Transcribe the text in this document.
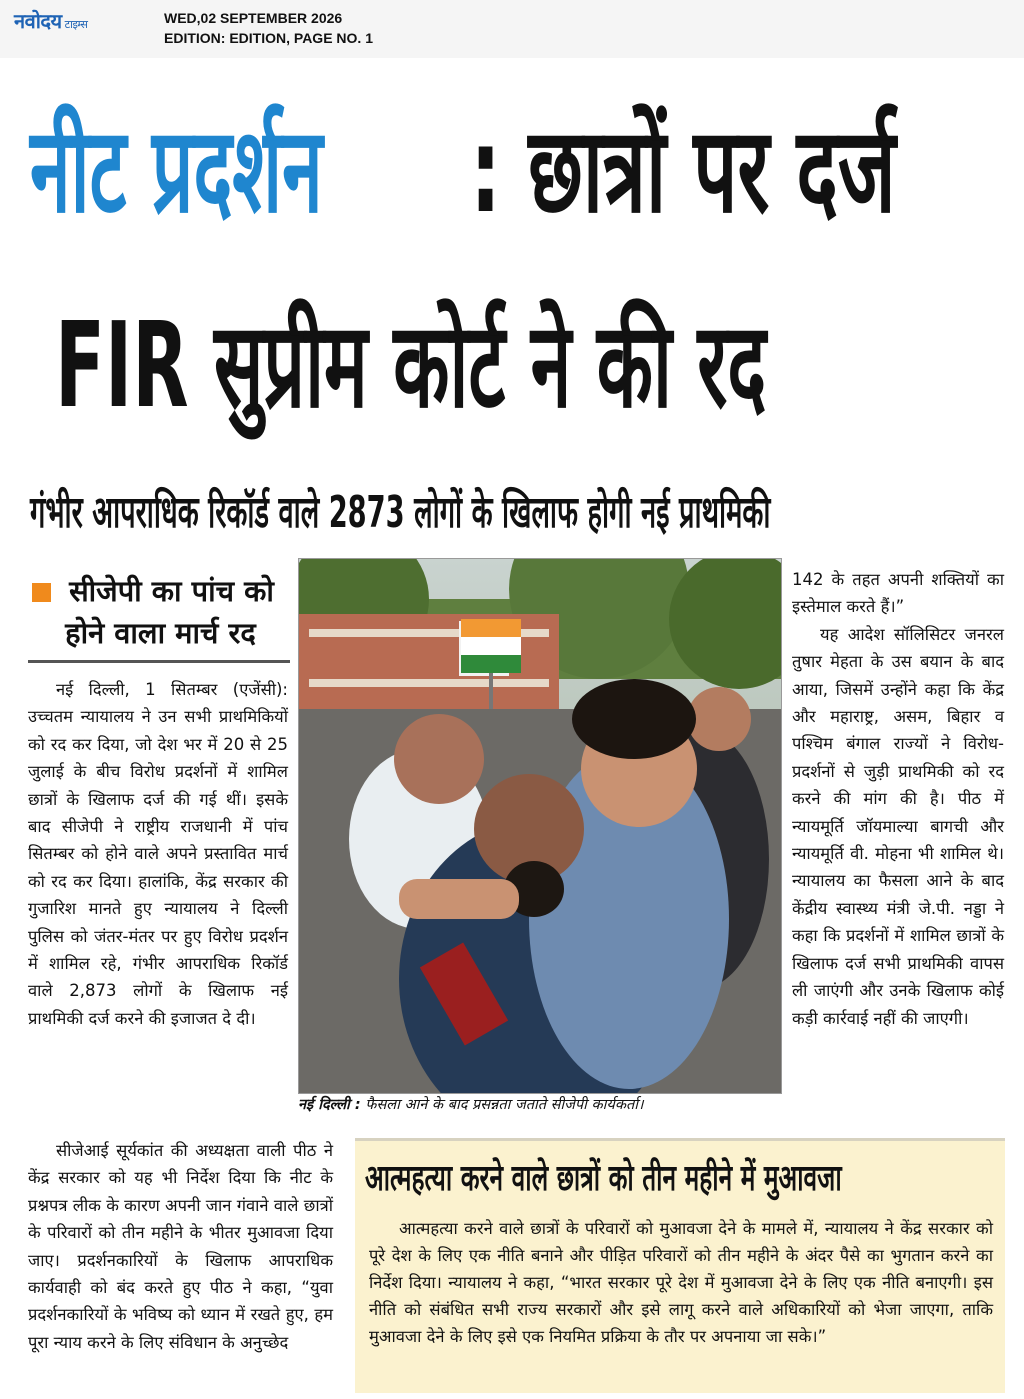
नवोदय टाइम्स	WED,02 SEPTEMBER 2026
EDITION: EDITION, PAGE NO. 1
नीट प्रदर्शन : छात्रों पर दर्ज
FIR सुप्रीम कोर्ट ने की रद
गंभीर आपराधिक रिकॉर्ड वाले 2873 लोगों के खिलाफ होगी नई प्राथमिकी
सीजेपी का पांच को
होने वाला मार्च रद

नई दिल्ली, 1 सितम्बर (एजेंसी): उच्चतम न्यायालय ने उन सभी प्राथमिकियों को रद कर दिया, जो देश भर में 20 से 25 जुलाई के बीच विरोध प्रदर्शनों में शामिल छात्रों के खिलाफ दर्ज की गई थीं। इसके बाद सीजेपी ने राष्ट्रीय राजधानी में पांच सितम्बर को होने वाले अपने प्रस्तावित मार्च को रद कर दिया। हालांकि, केंद्र सरकार की गुजारिश मानते हुए न्यायालय ने दिल्ली पुलिस को जंतर-मंतर पर हुए विरोध प्रदर्शन में शामिल रहे, गंभीर आपराधिक रिकॉर्ड वाले 2,873 लोगों के खिलाफ नई प्राथमिकी दर्ज करने की इजाजत दे दी।

सीजेआई सूर्यकांत की अध्यक्षता वाली पीठ ने केंद्र सरकार को यह भी निर्देश दिया कि नीट के प्रश्नपत्र लीक के कारण अपनी जान गंवाने वाले छात्रों के परिवारों को तीन महीने के भीतर मुआवजा दिया जाए। प्रदर्शनकारियों के खिलाफ आपराधिक कार्यवाही को बंद करते हुए पीठ ने कहा, “युवा प्रदर्शनकारियों के भविष्य को ध्यान में रखते हुए, हम पूरा न्याय करने के लिए संविधान के अनुच्छेद

नई दिल्ली : फैसला आने के बाद प्रसन्नता जताते सीजेपी कार्यकर्ता।

142 के तहत अपनी शक्तियों का इस्तेमाल करते हैं।”

यह आदेश सॉलिसिटर जनरल तुषार मेहता के उस बयान के बाद आया, जिसमें उन्होंने कहा कि केंद्र और महाराष्ट्र, असम, बिहार व पश्चिम बंगाल राज्यों ने विरोध-प्रदर्शनों से जुड़ी प्राथमिकी को रद करने की मांग की है। पीठ में न्यायमूर्ति जॉयमाल्या बागची और न्यायमूर्ति वी. मोहना भी शामिल थे। न्यायालय का फैसला आने के बाद केंद्रीय स्वास्थ्य मंत्री जे.पी. नड्डा ने कहा कि प्रदर्शनों में शामिल छात्रों के खिलाफ दर्ज सभी प्राथमिकी वापस ली जाएंगी और उनके खिलाफ कोई कड़ी कार्रवाई नहीं की जाएगी।

आत्महत्या करने वाले छात्रों को तीन महीने में मुआवजा

आत्महत्या करने वाले छात्रों के परिवारों को मुआवजा देने के मामले में, न्यायालय ने केंद्र सरकार को पूरे देश के लिए एक नीति बनाने और पीड़ित परिवारों को तीन महीने के अंदर पैसे का भुगतान करने का निर्देश दिया। न्यायालय ने कहा, “भारत सरकार पूरे देश में मुआवजा देने के लिए एक नीति बनाएगी। इस नीति को संबंधित सभी राज्य सरकारों और इसे लागू करने वाले अधिकारियों को भेजा जाएगा, ताकि मुआवजा देने के लिए इसे एक नियमित प्रक्रिया के तौर पर अपनाया जा सके।”
